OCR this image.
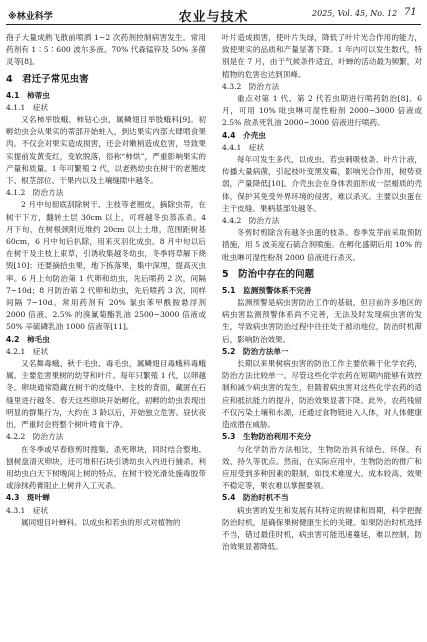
※林业科学	农业与技术	2025, Vol. 45, No. 12 71

孢子大量成熟飞散前喷洒 1~2 次药剂控制病害发生。常用药剂有 1∶5∶600 波尔多液、70% 代森锰锌及 50% 多菌灵等[8]。

4　君迁子常见虫害
4.1　柿蒂虫
4.1.1　症状

又名柿举肢蛾、柿钻心虫，属鳞翅目举肢蛾科[9]。初孵幼虫会从果实的蒂部开始蛀入，到达果实内部大肆啃食果肉。不仅会对果实造成损害，还会对嫩梢造成危害，导致果实提前发黄变红，变软脱落，俗称“柿烘”，严重影响果实的产量和质量。1 年可繁殖 2 代，以老熟幼虫在树干的老翘皮下、根茎部位、干果内以及土壤缝隙中越冬。

4.1.2　防治方法

2 月中旬彻底刮除树干、主枝等老翘皮，摘除虫蒂，在树干下方，翻转土层 30cm 以上，可将越冬虫蒸冻杀。4 月下旬，在树根颈附近堆约 20cm 以上土堆，范围距树基 60cm，6 月中旬后扒除，用来灭羽化成虫。8 月中旬以后在树干及主枝上束草，引诱收集越冬幼虫，冬季将草解下烧毁[10]；还要摘拾虫果，地下拣落果，集中深埋，提高灭虫率。6 月上旬防治第 1 代卵和幼虫，先后喷药 2 次，间隔 7~10d；8 月防治第 2 代卵和幼虫，先后喷药 3 次，同样间隔 7~10d。常用药剂有 20% 氯虫苯甲酰胺悬浮剂 2000 倍液、2.5% 的溴氰菊酯乳油 2500~3000 倍液或 50% 辛硫磷乳油 1000 倍液等[11]。

4.2　柿毛虫
4.2.1　症状

又名舞毒蛾、秋千毛虫、毒毛虫，属鳞翅目毒蛾科毒蛾属。主要危害果树的幼芽和叶片。每年只繁殖 1 代，以卵越冬。卵块通常隐藏在树干的皮缝中、主枝的背面，藏匿在石缝里进行越冬。春天这些卵块开始孵化，初孵的幼虫表现出明显的群集行为，大约在 3 龄以后，开始独立危害。昼伏夜出，严重时会将整个树叶啃食干净。

4.2.2　防治方法

在冬季或早春修剪时搜集、杀死卵块，同时结合整地、刨树盘清灭卵块，还可堆积石块引诱幼虫入内进行捕杀。利用幼虫白天下树晚间上树的特点，在树干较光滑处施毒胶带或涂抹药膏阻止上树并入工灭杀。

4.3　斑叶蝉
4.3.1　症状

属同翅目叶蝉科。以成虫和若虫的形式对植物的

叶片造成损害，使叶片失绿，降低了叶片光合作用的能力，致使果实的品质和产量显著下降。1 年内可以发生数代，特别是在 7 月，由于气候条件适宜，叶蝉的活动最为频繁，对植物的危害也达到顶峰。

4.3.2　防治方法

重点对第 1 代、第 2 代若虫期进行喷药防治[8]。6 月，可用 10% 吡虫啉可湿性粉剂 2000~3000 倍液或 2.5% 敌杀死乳油 2000~3000 倍液进行喷药。

4.4　介壳虫
4.4.1　症状

每年可发生多代，以成虫、若虫刺吸枝条、叶片汁液，传播大量病菌，引起枝叶变黑发霉，影响光合作用，树势衰弱，产量降低[10]。介壳虫会在身体表面形成一层蜡质的壳体，保护其免受外界环境的侵害，难以杀灭。主要以虫蛋在主干皮缝、果柄基部处越冬。

4.4.2　防治方法

冬剪时剪除含有越冬虫蛋的枝条。春季发芽前采取预防措施，用 5 波美度石硫合剂喷施。在孵化盛期后用 10% 的吡虫啉可湿性粉剂 2000 倍液进行杀灭。

5　防治中存在的问题
5.1　监测预警体系不完善

监测预警是病虫害防治工作的基础，但目前许多地区的病虫害监测预警体系尚不完善，无法及时发现病虫害的发生，导致病虫害防治过程中往往处于被动地位，防治时机滞后，影响防治效果。

5.2　防治方法单一

长期以来果树病虫害的防治工作主要依赖于化学农药，防治方法比较单一。尽管这些化学农药在短期内能够有效控制和减少病虫害的发生，但随着病虫害对这些化学农药的适应和抵抗能力的提升，防治效果显著下降。此外，农药残留不仅污染土壤和水源，还通过食物链进入人体，对人体健康造成潜在威胁。

5.3　生物防治利用不充分

与化学防治方法相比，生物防治具有绿色、环保、有效、持久等优点。然而，在实际应用中，生物防治的推广和应用受到多种因素的限制，如技术难度大、成本较高、效果不稳定等，果农难以掌握要领。

5.4　防治时机不当

病虫害的发生和发展有其特定的规律和周期，科学把握防治时机，是确保果树健康生长的关键。如果防治时机选择不当，错过最佳时机，病虫害可能迅速蔓延，难以控制，防治效果显著降低。
